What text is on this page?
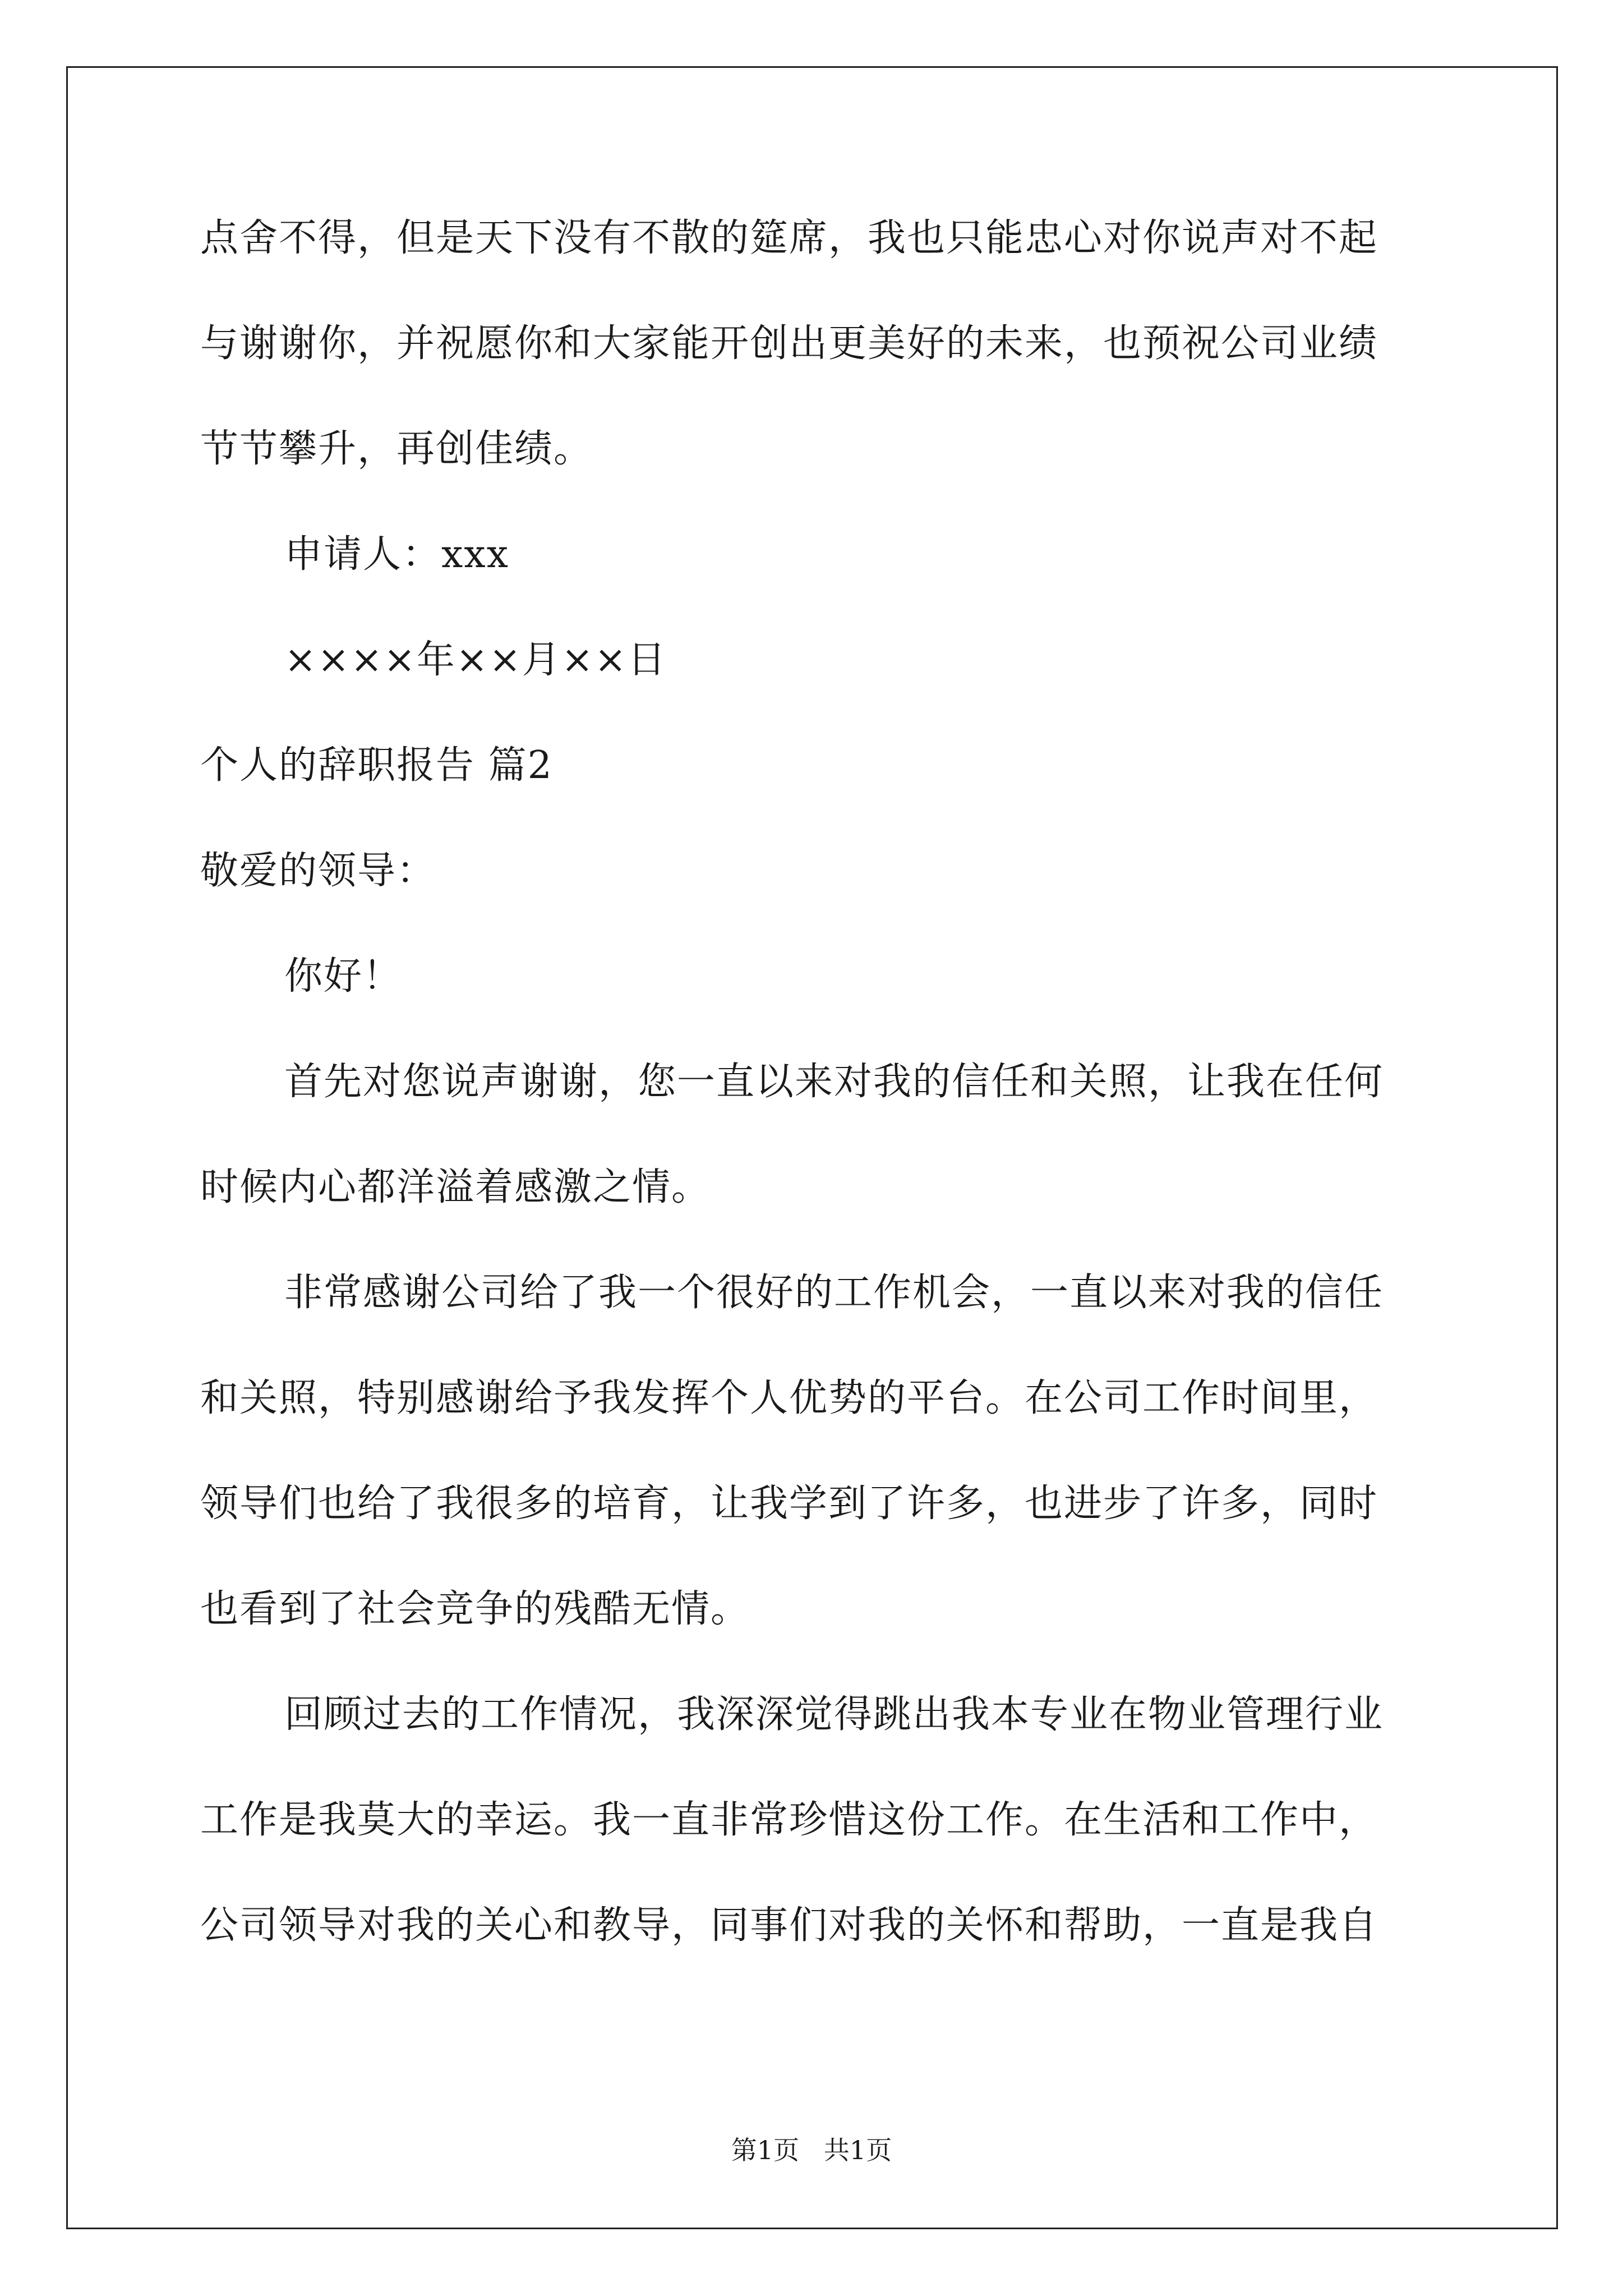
点舍不得，但是天下没有不散的筵席，我也只能忠心对你说声对不起
与谢谢你，并祝愿你和大家能开创出更美好的未来，也预祝公司业绩
节节攀升，再创佳绩。
申请人：xxx
××××年××月××日
个人的辞职报告 篇2
敬爱的领导：
你好！
首先对您说声谢谢，您一直以来对我的信任和关照，让我在任何
时候内心都洋溢着感激之情。
非常感谢公司给了我一个很好的工作机会，一直以来对我的信任
和关照，特别感谢给予我发挥个人优势的平台。在公司工作时间里，
领导们也给了我很多的培育，让我学到了许多，也进步了许多，同时
也看到了社会竞争的残酷无情。
回顾过去的工作情况，我深深觉得跳出我本专业在物业管理行业
工作是我莫大的幸运。我一直非常珍惜这份工作。在生活和工作中，
公司领导对我的关心和教导，同事们对我的关怀和帮助，一直是我自
第1页   共1页
